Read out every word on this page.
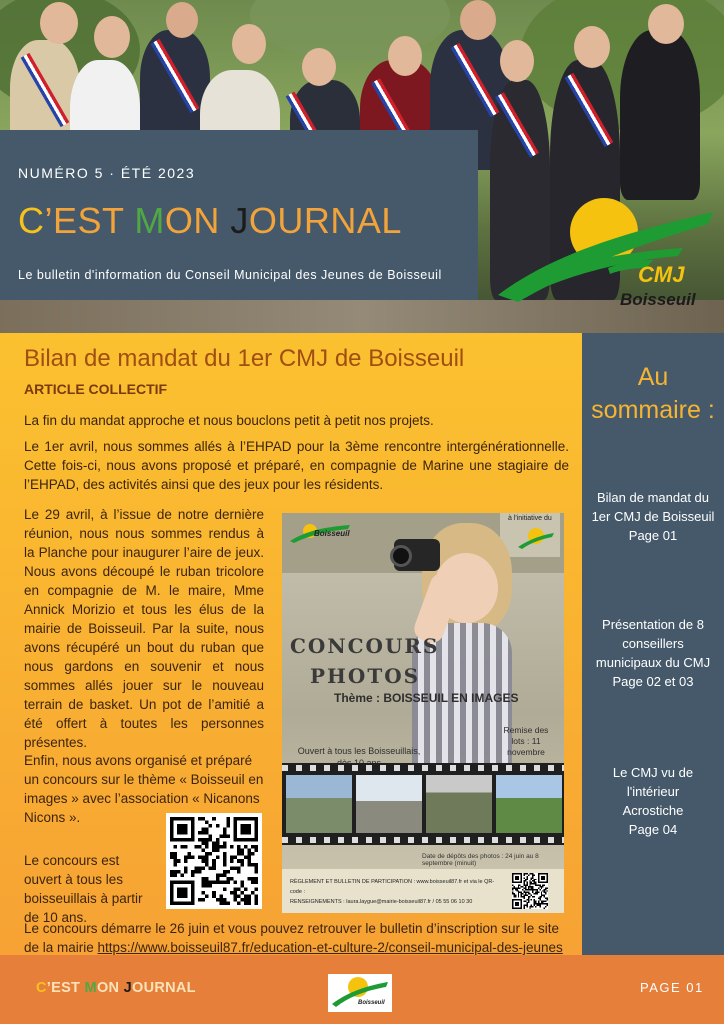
NUMÉRO 5 · ÉTÉ 2023
C’EST MON JOURNAL
Le bulletin d'information du Conseil Municipal des Jeunes de Boisseuil	CMJ
Boisseuil
Bilan de mandat du 1er CMJ de Boisseuil
ARTICLE COLLECTIF

La fin du mandat approche et nous bouclons petit à petit nos projets.

Le 1er avril, nous sommes allés à l’EHPAD pour la 3ème rencontre intergénérationnelle. Cette fois-ci, nous avons proposé et préparé, en compagnie de Marine une stagiaire de l’EHPAD, des activités ainsi que des jeux pour les résidents.

Le 29 avril, à l’issue de notre dernière réunion, nous nous sommes rendus à la Planche pour inaugurer l’aire de jeux. Nous avons découpé le ruban tricolore en compagnie de M. le maire, Mme Annick Morizio et tous les élus de la mairie de Boisseuil. Par la suite, nous avons récupéré un bout du ruban que nous gardons en souvenir et nous sommes allés jouer sur le nouveau terrain de basket. Un pot de l’amitié a été offert à toutes les personnes présentes.

Enfin, nous avons organisé et préparé un concours sur le thème « Boisseuil en images » avec l’association « Nicanons Nicons ».

Le concours est ouvert à tous les boisseuillais à partir de 10 ans.

Le concours démarre le 26 juin et vous pouvez retrouver le bulletin d’inscription sur le site de la mairie https://www.boisseuil87.fr/education-et-culture-2/conseil-municipal-des-jeunes

Boisseuil
à l'initiative du
CONCOURS
PHOTOS
Thème : BOISSEUIL EN IMAGES
Ouvert à tous les Boisseuillais,
Remise des lots : 11 novembre
Date de dépôts des photos : 24 juin au 8 septembre (minuit)
RÈGLEMENT ET BULLETIN DE PARTICIPATION : www.boisseuil87.fr et via le QR-code :
RENSEIGNEMENTS : laura.laygue@mairie-boisseuil87.fr / 05 55 06 10 30
Au
sommaire :
Bilan de mandat du
1er CMJ de Boisseuil
Page 01
Présentation de 8
conseillers
municipaux du CMJ
Page 02 et 03
Le CMJ vu de
l'intérieur
Acrostiche
Page 04
C’EST MON JOURNAL
Boisseuil
PAGE 01
